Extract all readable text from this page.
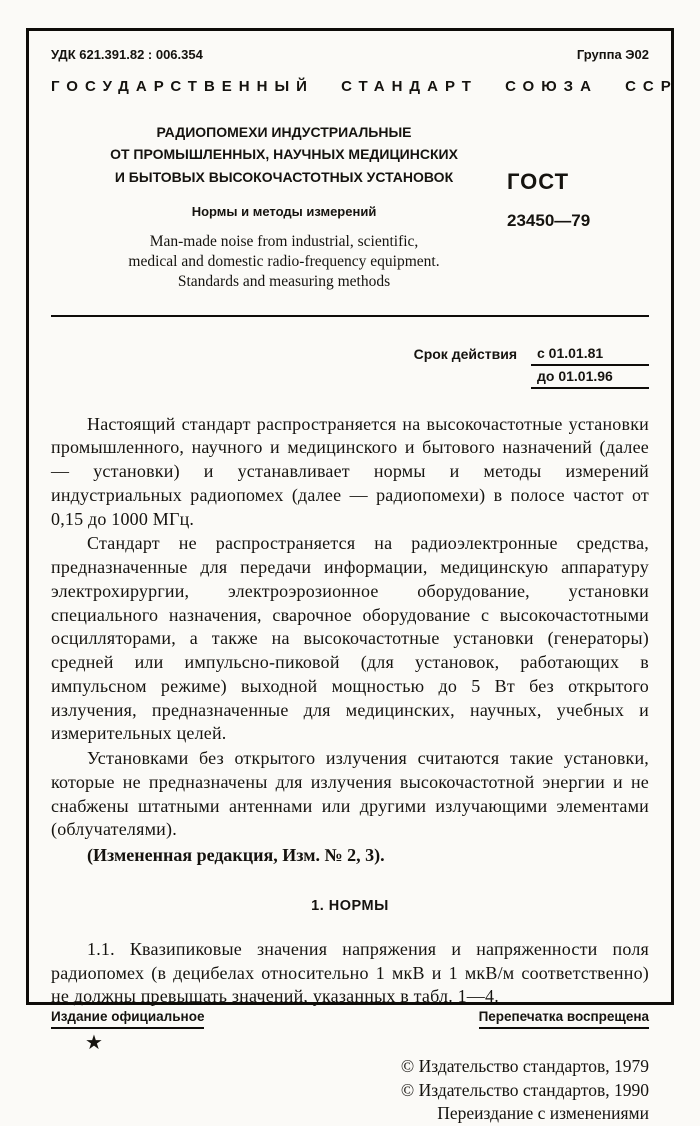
УДК 621.391.82 : 006.354	Группа Э02
ГОСУДАРСТВЕННЫЙ СТАНДАРТ СОЮЗА ССР
РАДИОПОМЕХИ ИНДУСТРИАЛЬНЫЕ
ОТ ПРОМЫШЛЕННЫХ, НАУЧНЫХ МЕДИЦИНСКИХ
И БЫТОВЫХ ВЫСОКОЧАСТОТНЫХ УСТАНОВОК
Нормы и методы измерений
Man-made noise from industrial, scientific,
medical and domestic radio-frequency equipment.
Standards and measuring methods
ГОСТ
23450—79
Срок действия	с 01.01.81
до 01.01.96

Настоящий стандарт распространяется на высокочастотные установки промышленного, научного и медицинского и бытового назначений (далее — установки) и устанавливает нормы и методы измерений индустриальных радиопомех (далее — радиопомехи) в полосе частот от 0,15 до 1000 МГц.

Стандарт не распространяется на радиоэлектронные средства, предназначенные для передачи информации, медицинскую аппаратуру электрохирургии, электроэрозионное оборудование, установки специального назначения, сварочное оборудование с высокочастотными осцилляторами, а также на высокочастотные установки (генераторы) средней или импульсно-пиковой (для установок, работающих в импульсном режиме) выходной мощностью до 5 Вт без открытого излучения, предназначенные для медицинских, научных, учебных и измерительных целей.

Установками без открытого излучения считаются такие установки, которые не предназначены для излучения высокочастотной энергии и не снабжены штатными антеннами или другими излучающими элементами (облучателями).

(Измененная редакция, Изм. № 2, 3).

1. НОРМЫ

1.1. Квазипиковые значения напряжения и напряженности поля радиопомех (в децибелах относительно 1 мкВ и 1 мкВ/м соответственно) не должны превышать значений, указанных в табл. 1—4.

Издание официальное	Перепечатка воспрещена
★
© Издательство стандартов, 1979
© Издательство стандартов, 1990
Переиздание с изменениями
